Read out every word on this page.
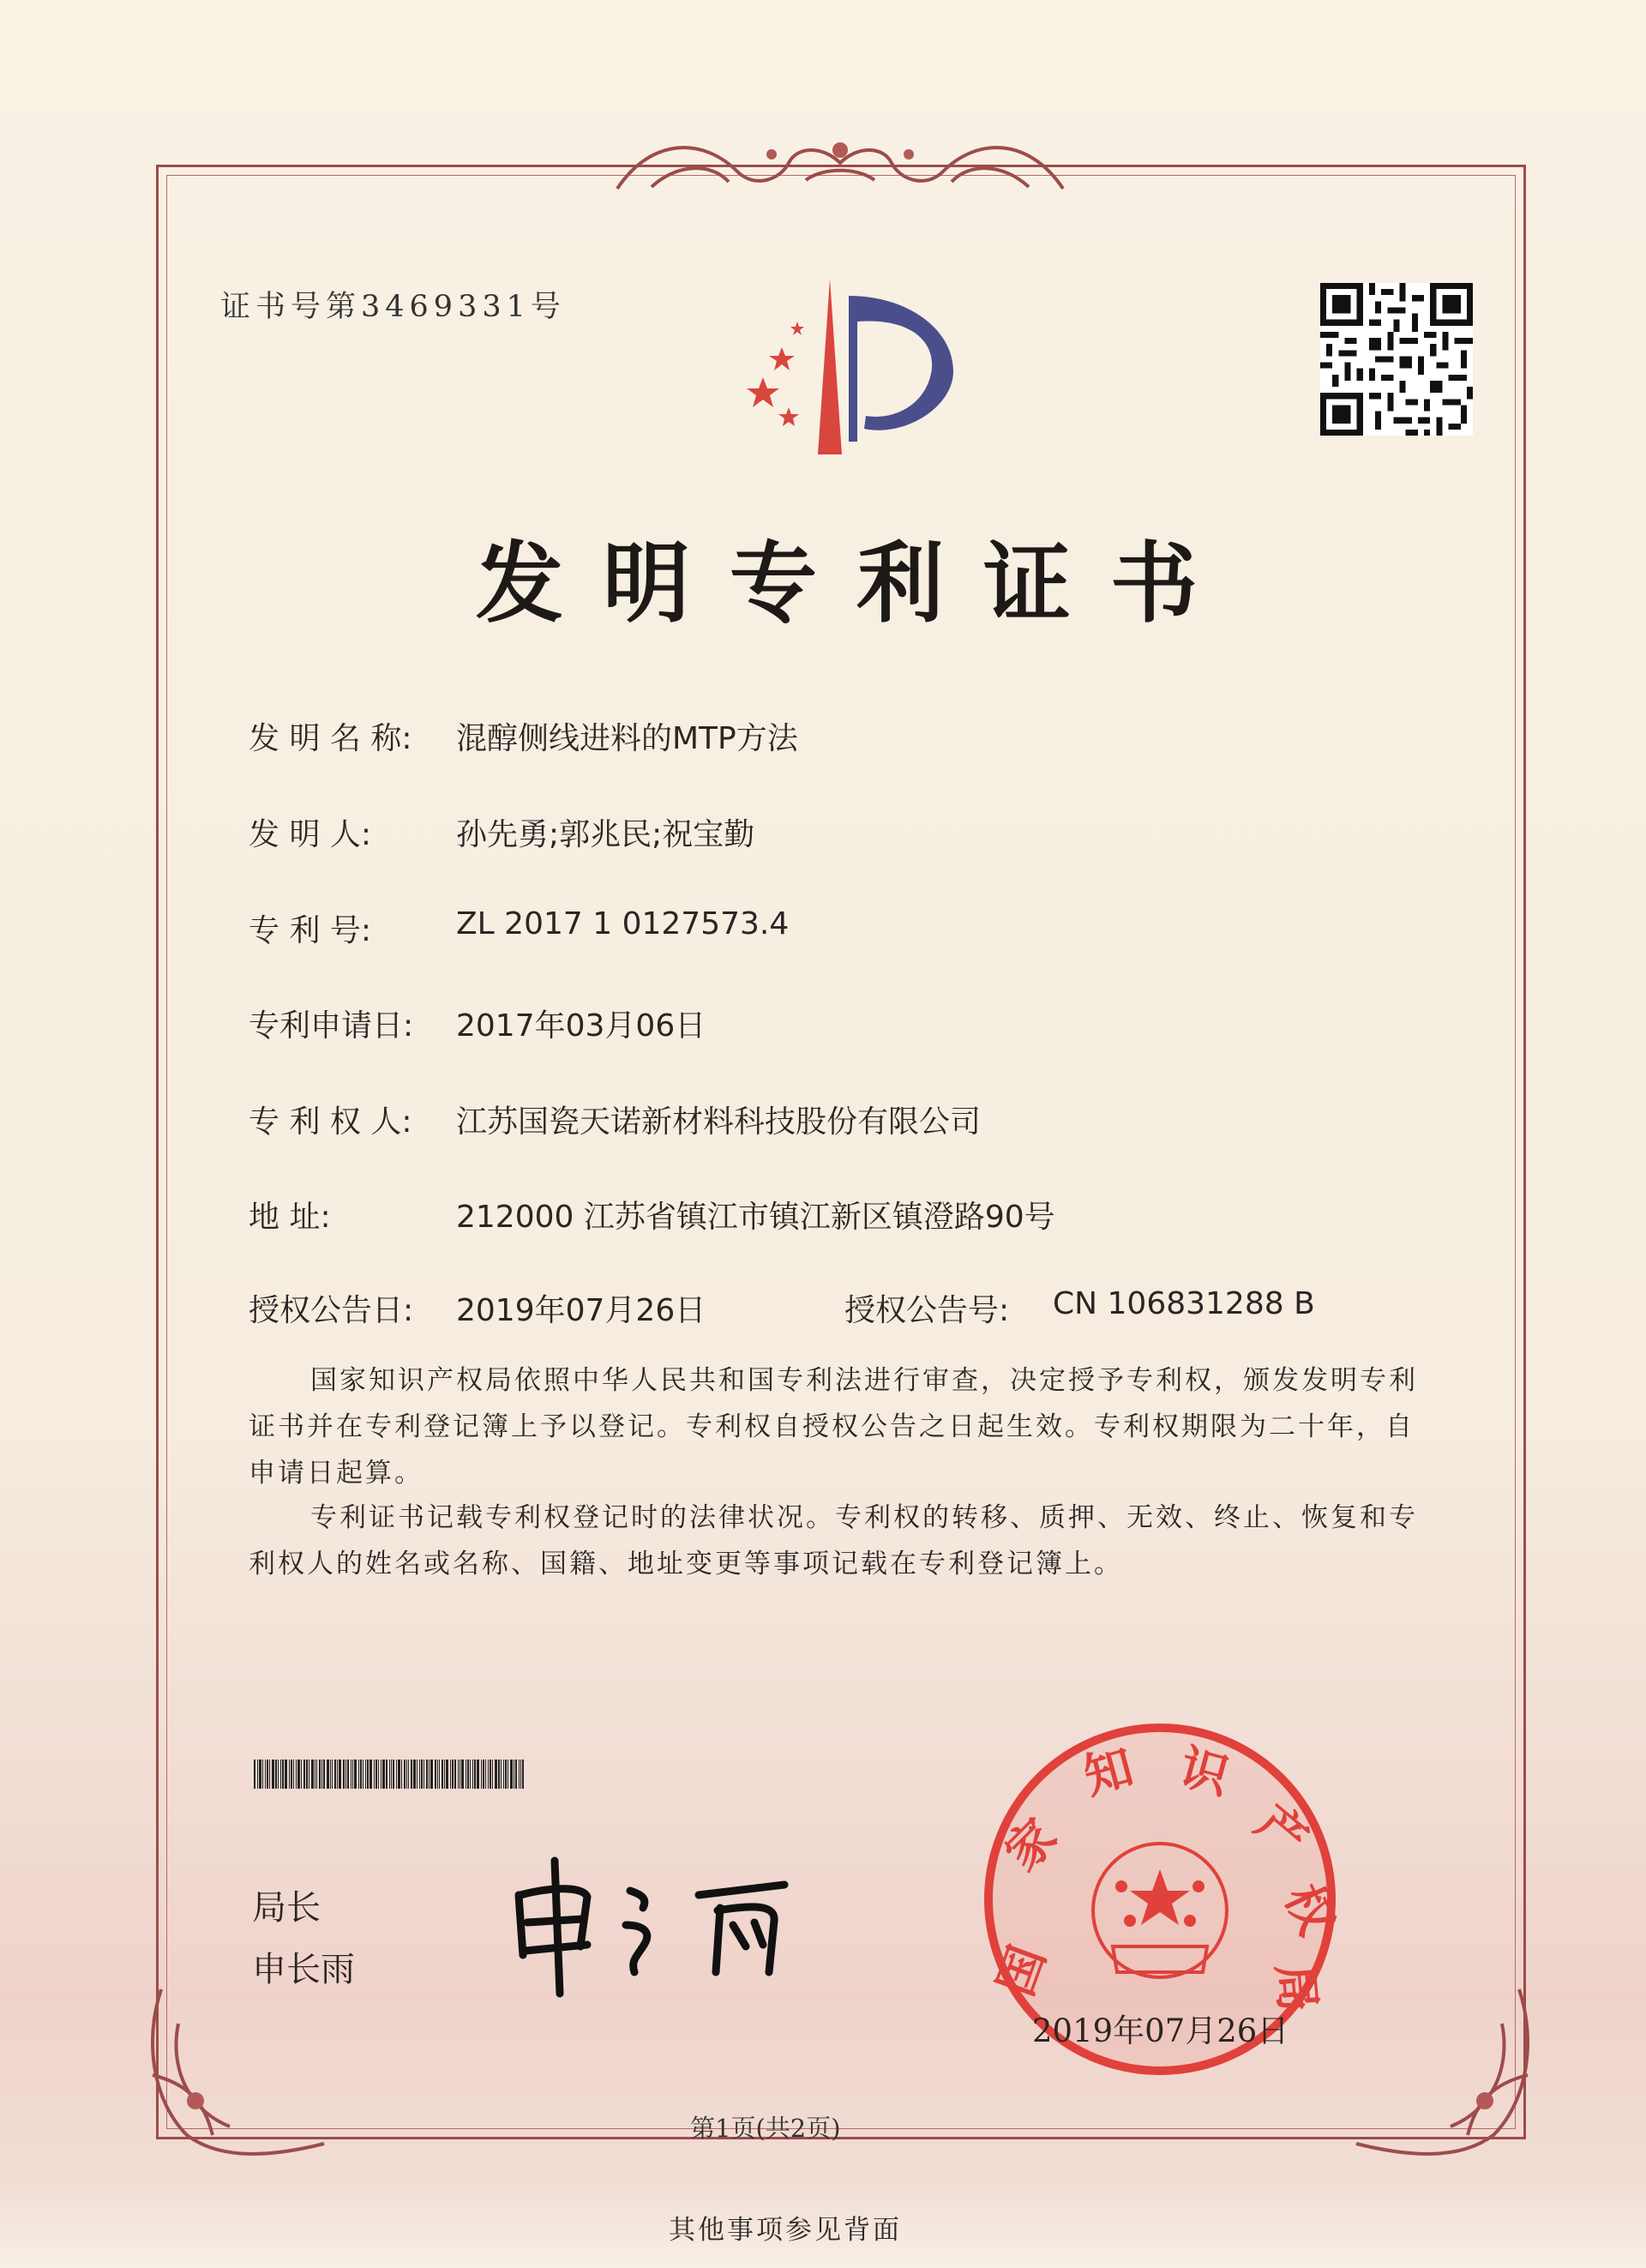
证书号第3469331号
发明专利证书
发 明 名 称: 混醇侧线进料的MTP方法
发 明 人:	孙先勇;郭兆民;祝宝勤
专 利 号:	ZL 2017 1 0127573.4
专利申请日: 2017年03月06日
专 利 权 人: 江苏国瓷天诺新材料科技股份有限公司
地 址:	212000 江苏省镇江市镇江新区镇澄路90号
授权公告日: 2019年07月26日	授权公告号: CN 106831288 B
国家知识产权局依照中华人民共和国专利法进行审查，决定授予专利权，颁发发明专利证书并在专利登记簿上予以登记。专利权自授权公告之日起生效。专利权期限为二十年，自申请日起算。
专利证书记载专利权登记时的法律状况。专利权的转移、质押、无效、终止、恢复和专利权人的姓名或名称、国籍、地址变更等事项记载在专利登记簿上。
局长
申长雨	国
家
知 识
产
权
局
2019年07月26日
第1页(共2页)
其他事项参见背面
